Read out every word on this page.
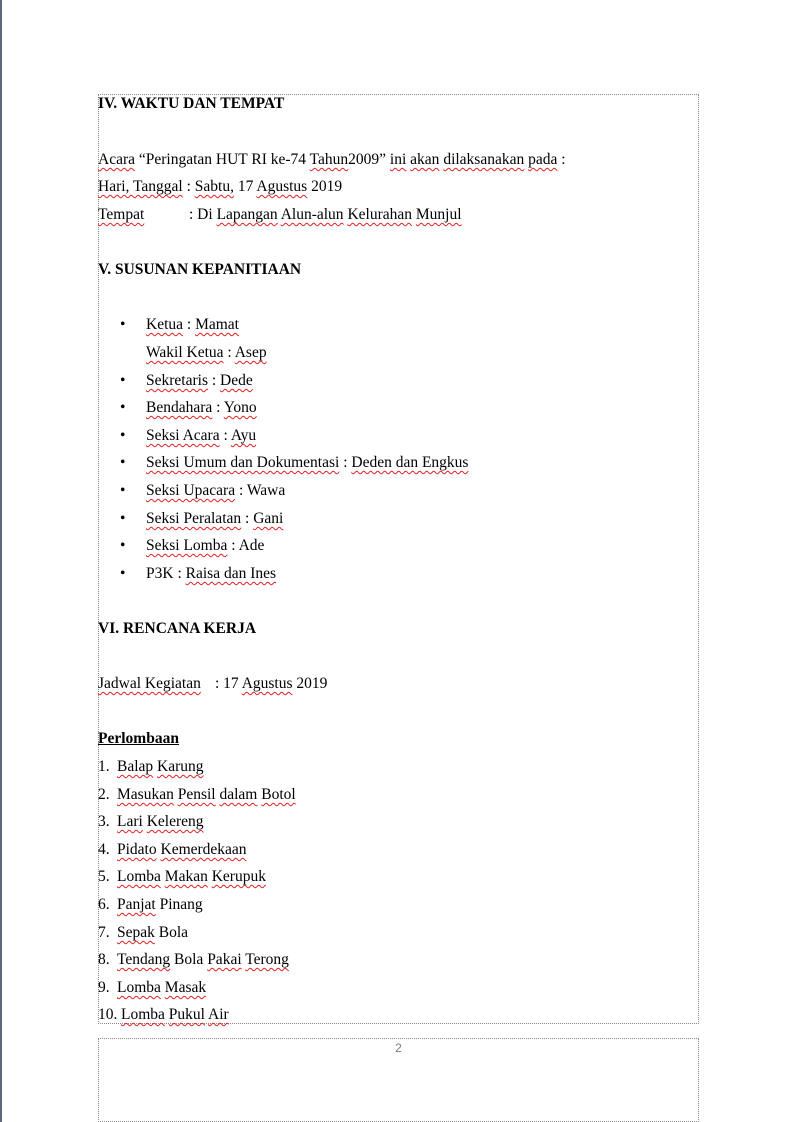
IV. WAKTU DAN TEMPAT
Acara “Peringatan HUT RI ke-74 Tahun2009” ini akan dilaksanakan pada :
Hari, Tanggal : Sabtu, 17 Agustus 2019
Tempat	: Di Lapangan Alun-alun Kelurahan Munjul
V. SUSUNAN KEPANITIAAN
• Ketua : Mamat
Wakil Ketua : Asep
• Sekretaris : Dede
• Bendahara : Yono
• Seksi Acara : Ayu
• Seksi Umum dan Dokumentasi : Deden dan Engkus
• Seksi Upacara : Wawa
• Seksi Peralatan : Gani
• Seksi Lomba : Ade
• P3K : Raisa dan Ines
VI. RENCANA KERJA
Jadwal Kegiatan : 17 Agustus 2019
Perlombaan
1. Balap Karung
2. Masukan Pensil dalam Botol
3. Lari Kelereng
4. Pidato Kemerdekaan
5. Lomba Makan Kerupuk
6. Panjat Pinang
7. Sepak Bola
8. Tendang Bola Pakai Terong
9. Lomba Masak
10. Lomba Pukul Air
2
